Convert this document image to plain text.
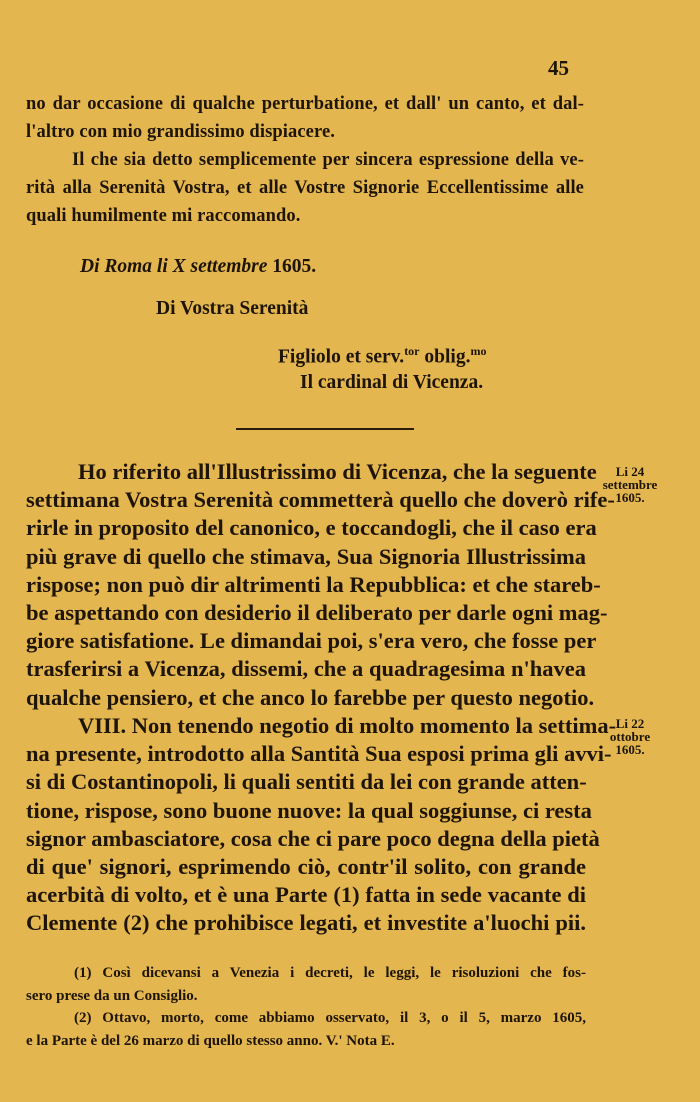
45

no dar occasione di qualche perturbatione, et dall' un canto, et dal-

l'altro con mio grandissimo dispiacere.

Il che sia detto semplicemente per sincera espressione della ve-

rità alla Serenità Vostra, et alle Vostre Signorie Eccellentissime alle

quali humilmente mi raccomando.

Di Roma li X settembre 1605.
Di Vostra Serenità
Figliolo et serv.$^{tor}$ oblig.$^{mo}$
Il cardinal di Vicenza.
Ho riferito all'Illustrissimo di Vicenza, che la seguente
settimana Vostra Serenità commetterà quello che doverò rife-
rirle in proposito del canonico, e toccandogli, che il caso era
più grave di quello che stimava, Sua Signoria Illustrissima
rispose; non può dir altrimenti la Repubblica: et che stareb-
be aspettando con desiderio il deliberato per darle ogni mag-
giore satisfatione. Le dimandai poi, s'era vero, che fosse per
trasferirsi a Vicenza, dissemi, che a quadragesima n'havea
qualche pensiero, et che anco lo farebbe per questo negotio.
VIII. Non tenendo negotio di molto momento la settima-
na presente, introdotto alla Santità Sua esposi prima gli avvi-
si di Costantinopoli, li quali sentiti da lei con grande atten-
tione, rispose, sono buone nuove: la qual soggiunse, ci resta
signor ambasciatore, cosa che ci pare poco degna della pietà
di que' signori, esprimendo ciò, contr'il solito, con grande
acerbità di volto, et è una Parte (1) fatta in sede vacante di
Clemente (2) che prohibisce legati, et investite a'luochi pii.
Li 24
settembre
1605.
Li 22
ottobre
1605.
(1) Così dicevansi a Venezia i decreti, le leggi, le risoluzioni che fos-
sero prese da un Consiglio.
(2) Ottavo, morto, come abbiamo osservato, il 3, o il 5, marzo 1605,
e la Parte è del 26 marzo di quello stesso anno. V.' Nota E.
